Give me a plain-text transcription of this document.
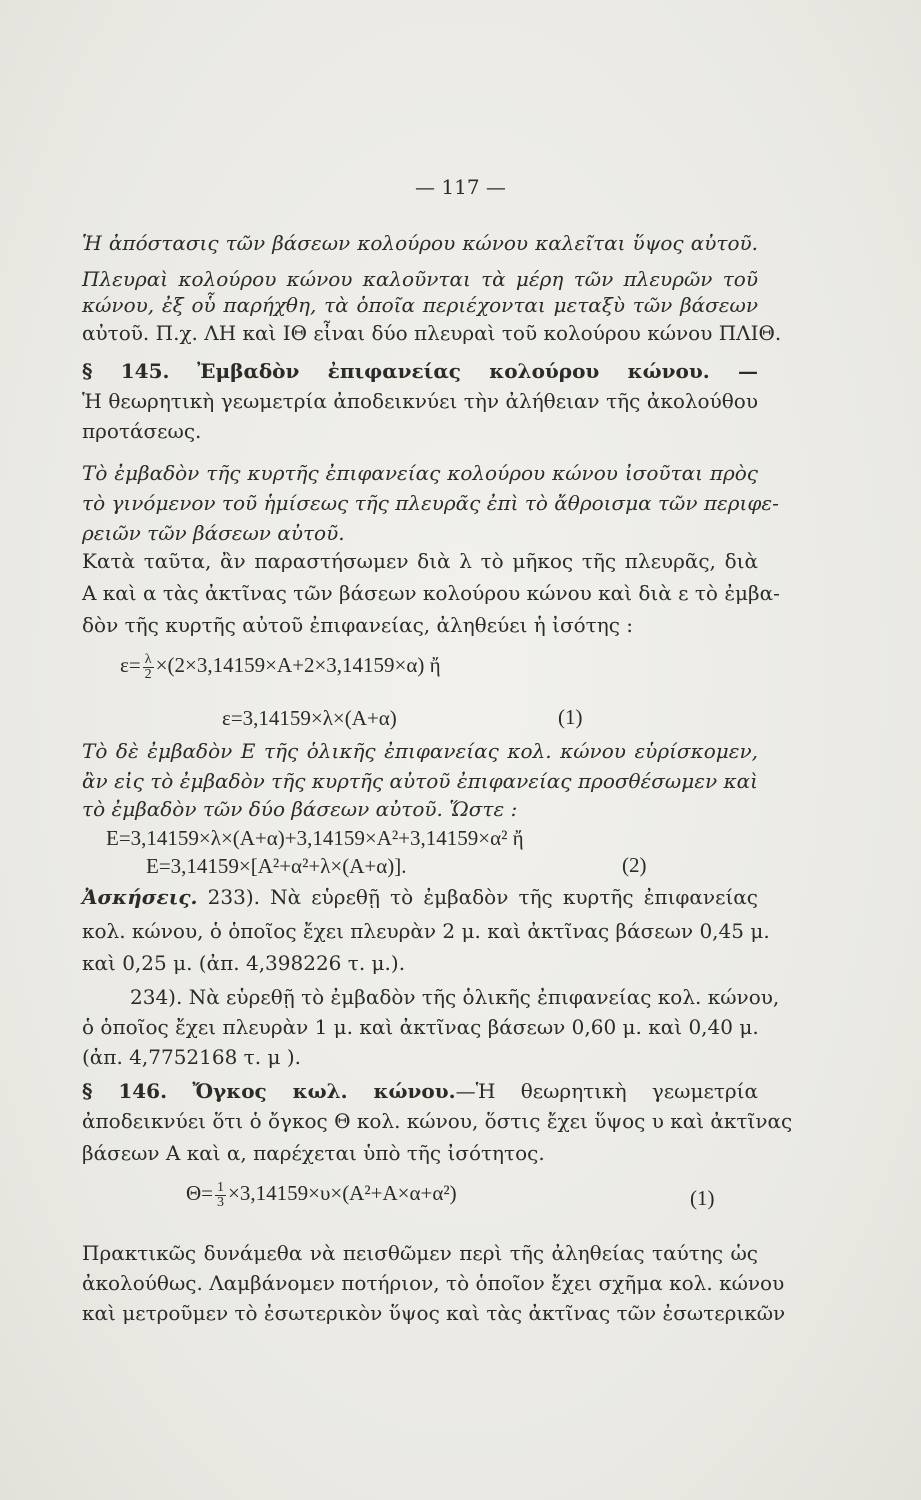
— 117 —
Ἡ ἀπόστασις τῶν βάσεων κολούρου κώνου καλεῖται ὕψος αὐτοῦ.
Πλευραὶ κολούρου κώνου καλοῦνται τὰ μέρη τῶν πλευρῶν τοῦ
κώνου, ἐξ οὗ παρήχθη, τὰ ὁποῖα περιέχονται μεταξὺ τῶν βάσεων
αὐτοῦ. Π.χ. ΛΗ καὶ ΙΘ εἶναι δύο πλευραὶ τοῦ κολούρου κώνου ΠΛΙΘ.
§ 145. Ἐμβαδὸν ἐπιφανείας κολούρου κώνου. —
Ἡ θεωρητικὴ γεωμετρία ἀποδεικνύει τὴν ἀλήθειαν τῆς ἀκολούθου
προτάσεως.
Τὸ ἐμβαδὸν τῆς κυρτῆς ἐπιφανείας κολούρου κώνου ἰσοῦται πρὸς
τὸ γινόμενον τοῦ ἡμίσεως τῆς πλευρᾶς ἐπὶ τὸ ἄθροισμα τῶν περιφε-
ρειῶν τῶν βάσεων αὐτοῦ.
Κατὰ ταῦτα, ἂν παραστήσωμεν διὰ λ τὸ μῆκος τῆς πλευρᾶς, διὰ
Α καὶ α τὰς ἀκτῖνας τῶν βάσεων κολούρου κώνου καὶ διὰ ε τὸ ἐμβα-
δὸν τῆς κυρτῆς αὐτοῦ ἐπιφανείας, ἀληθεύει ἡ ἰσότης :
$\varepsilon= \frac{\lambda}{2} \times(2\times 3,14159\times A+2\times 3,14159\times\alpha)$ ἤ
ε=3,14159×λ×(Α+α)	(1)
Τὸ δὲ ἐμβαδὸν Ε τῆς ὁλικῆς ἐπιφανείας κολ. κώνου εὑρίσκομεν,
ἂν εἰς τὸ ἐμβαδὸν τῆς κυρτῆς αὐτοῦ ἐπιφανείας προσθέσωμεν καὶ
τὸ ἐμβαδὸν τῶν δύο βάσεων αὐτοῦ. Ὥστε :
Ε=3,14159×λ×(Α+α)+3,14159×Α²+3,14159×α² ἤ
Ε=3,14159×[Α²+α²+λ×(Α+α)].	(2)
Ἀσκήσεις. 233). Νὰ εὑρεθῇ τὸ ἐμβαδὸν τῆς κυρτῆς ἐπιφανείας
κολ. κώνου, ὁ ὁποῖος ἔχει πλευρὰν 2 μ. καὶ ἀκτῖνας βάσεων 0,45 μ.
καὶ 0,25 μ. (ἀπ. 4,398226 τ. μ.).
234). Νὰ εὑρεθῇ τὸ ἐμβαδὸν τῆς ὁλικῆς ἐπιφανείας κολ. κώνου,
ὁ ὁποῖος ἔχει πλευρὰν 1 μ. καὶ ἀκτῖνας βάσεων 0,60 μ. καὶ 0,40 μ.
(ἀπ. 4,7752168 τ. μ ).
§ 146. Ὄγκος κωλ. κώνου.—Ἡ θεωρητικὴ γεωμετρία
ἀποδεικνύει ὅτι ὁ ὄγκος Θ κολ. κώνου, ὅστις ἔχει ὕψος υ καὶ ἀκτῖνας
βάσεων Α καὶ α, παρέχεται ὑπὸ τῆς ἰσότητος.
$\Theta= \frac{1}{3} \times 3,14159\times\upsilon\times(A^2+A\times\alpha+\alpha^2)$	(1)
Πρακτικῶς δυνάμεθα νὰ πεισθῶμεν περὶ τῆς ἀληθείας ταύτης ὡς
ἀκολούθως. Λαμβάνομεν ποτήριον, τὸ ὁποῖον ἔχει σχῆμα κολ. κώνου
καὶ μετροῦμεν τὸ ἐσωτερικὸν ὕψος καὶ τὰς ἀκτῖνας τῶν ἐσωτερικῶν
